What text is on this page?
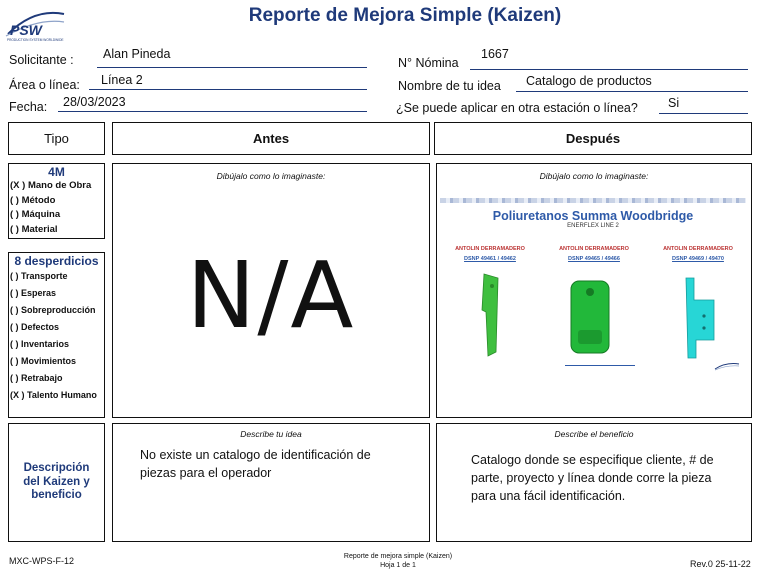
PSW
PRODUCTION SYSTEM WORLDWIDE
Reporte de Mejora Simple (Kaizen)
Solicitante : Alan Pineda
Área o línea: Línea 2
Fecha: 28/03/2023
N° Nómina
1667
Nombre de tu idea Catalogo de productos
¿Se puede aplicar en otra estación o línea? Si
Tipo	Antes	Después
4M
(X ) Mano de Obra
( ) Método
( ) Máquina
( ) Material
8 desperdicios
( ) Transporte
( ) Esperas
( ) Sobreproducción
( ) Defectos
( ) Inventarios
( ) Movimientos
( ) Retrabajo
(X ) Talento Humano
Dibújalo como lo imaginaste:
N/A
Dibújalo como lo imaginaste:
Poliuretanos Summa Woodbridge
ENERFLEX LINE 2
ANTOLIN DERRAMADERO
DSNP 49461 / 49462
ANTOLIN DERRAMADERO
DSNP 49465 / 49466
ANTOLIN DERRAMADERO
DSNP 49469 / 49470
Descripción del Kaizen y beneficio
Describe tu idea
No existe un catalogo de identificación de piezas para el operador
Describe el beneficio
Catalogo donde se especifique cliente, # de parte, proyecto y línea donde corre la pieza para una fácil identificación.
MXC-WPS-F-12	Reporte de mejora simple (Kaizen)
Hoja 1 de 1	Rev.0 25-11-22
